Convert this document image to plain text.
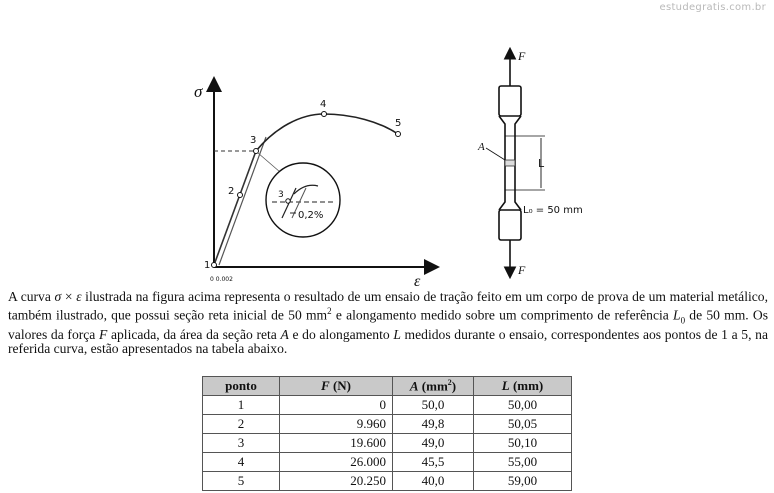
estudegratis.com.br
σ
ε
1
2
3
4
5
0 0.002
3
0,2%
F
F
L
A
L₀ = 50 mm

A curva σ × ε ilustrada na figura acima representa o resultado de um ensaio de tração feito em um corpo de prova de um material metálico, também ilustrado, que possui seção reta inicial de 50 $mm^2$ e alongamento medido sobre um comprimento de referência $L_0$ de 50 mm. Os valores da força F aplicada, da área da seção reta A e do alongamento L medidos durante o ensaio, correspondentes aos pontos de 1 a 5, na referida curva, estão apresentados na tabela abaixo.

ponto	F (N)	A $(mm^2)$	L (mm)
1	0	50,0	50,00
2	9.960	49,8	50,05
3	19.600	49,0	50,10
4	26.000	45,5	55,00
5	20.250	40,0	59,00
